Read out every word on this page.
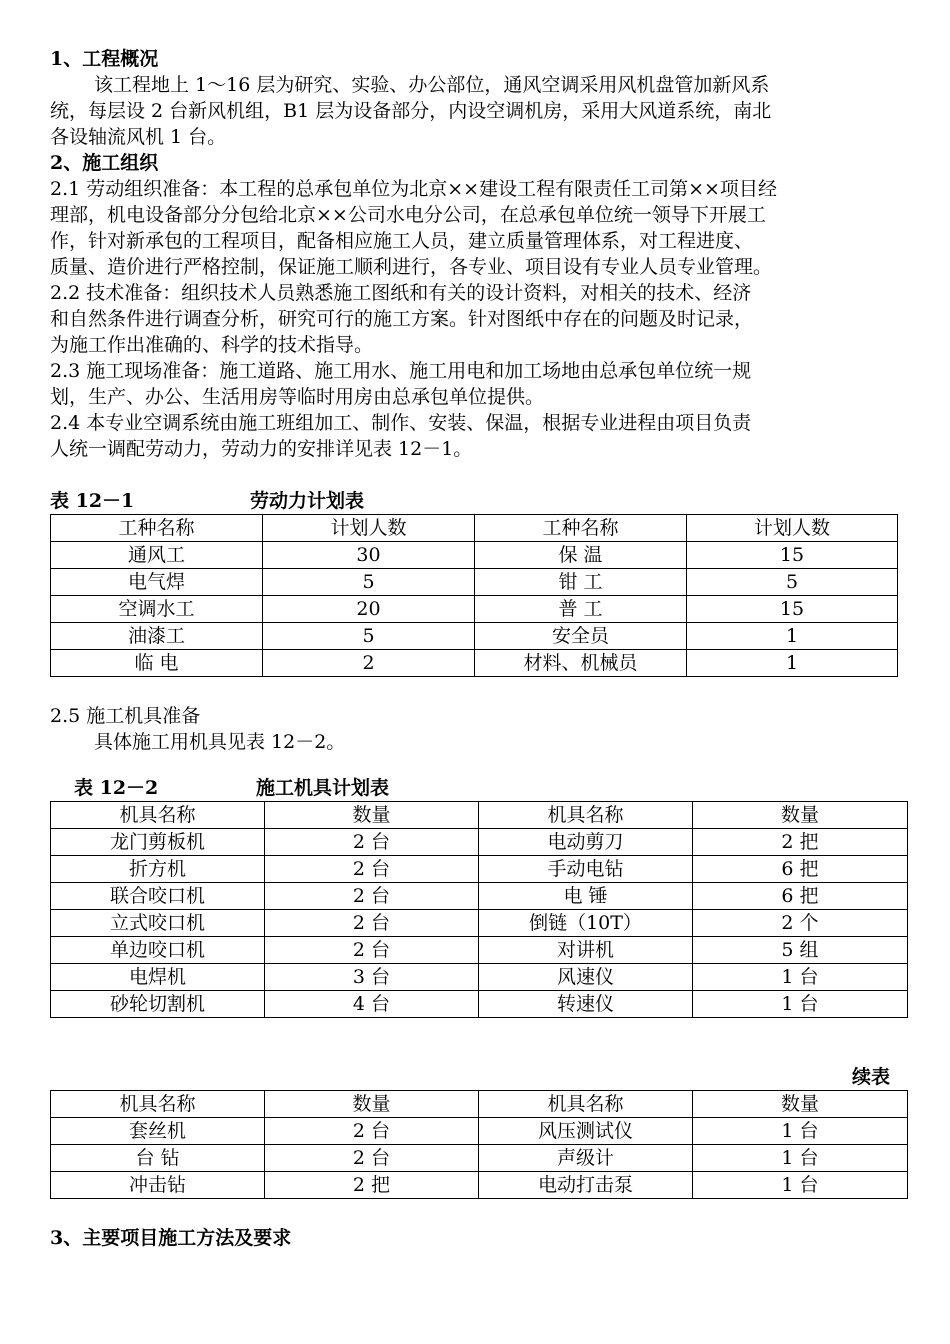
1、工程概况
该工程地上 1～16 层为研究、实验、办公部位，通风空调采用风机盘管加新风系
统，每层设 2 台新风机组，B1 层为设备部分，内设空调机房，采用大风道系统，南北
各设轴流风机 1 台。
2、施工组织
2.1 劳动组织准备：本工程的总承包单位为北京××建设工程有限责任工司第××项目经
理部，机电设备部分分包给北京××公司水电分公司，在总承包单位统一领导下开展工
作，针对新承包的工程项目，配备相应施工人员，建立质量管理体系，对工程进度、
质量、造价进行严格控制，保证施工顺利进行，各专业、项目设有专业人员专业管理。
2.2 技术准备：组织技术人员熟悉施工图纸和有关的设计资料，对相关的技术、经济
和自然条件进行调查分析，研究可行的施工方案。针对图纸中存在的问题及时记录，
为施工作出准确的、科学的技术指导。
2.3 施工现场准备：施工道路、施工用水、施工用电和加工场地由总承包单位统一规
划，生产、办公、生活用房等临时用房由总承包单位提供。
2.4 本专业空调系统由施工班组加工、制作、安装、保温，根据专业进程由项目负责
人统一调配劳动力，劳动力的安排详见表 12－1。
表 12－1	劳动力计划表
工种名称	计划人数	工种名称	计划人数
通风工	30	保 温	15
电气焊	5	钳 工	5
空调水工	20	普 工	15
油漆工	5	安全员	1
临 电	2	材料、机械员	1
2.5 施工机具准备
具体施工用机具见表 12－2。
表 12－2	施工机具计划表
机具名称	数量	机具名称	数量
龙门剪板机	2 台	电动剪刀	2 把
折方机	2 台	手动电钻	6 把
联合咬口机	2 台	电 锤	6 把
立式咬口机	2 台	倒链（10T）	2 个
单边咬口机	2 台	对讲机	5 组
电焊机	3 台	风速仪	1 台
砂轮切割机	4 台	转速仪	1 台
续表
机具名称	数量	机具名称	数量
套丝机	2 台	风压测试仪	1 台
台 钻	2 台	声级计	1 台
冲击钻	2 把	电动打击泵	1 台
3、主要项目施工方法及要求
